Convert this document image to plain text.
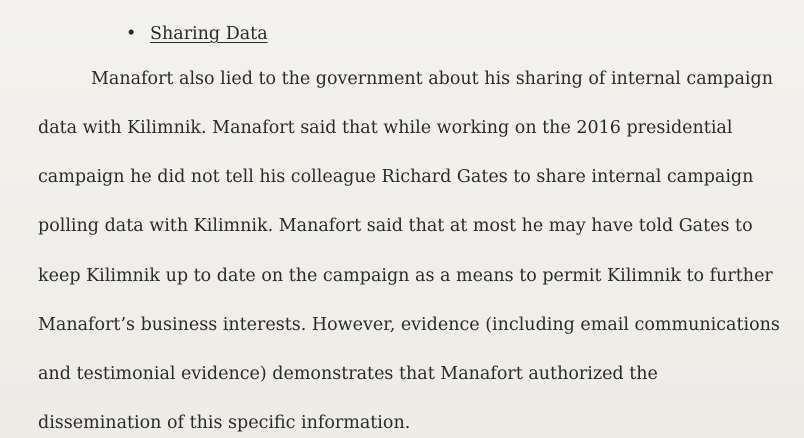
• Sharing Data
Manafort also lied to the government about his sharing of internal campaign
data with Kilimnik. Manafort said that while working on the 2016 presidential
campaign he did not tell his colleague Richard Gates to share internal campaign
polling data with Kilimnik. Manafort said that at most he may have told Gates to
keep Kilimnik up to date on the campaign as a means to permit Kilimnik to further
Manafort’s business interests. However, evidence (including email communications
and testimonial evidence) demonstrates that Manafort authorized the
dissemination of this specific information.
